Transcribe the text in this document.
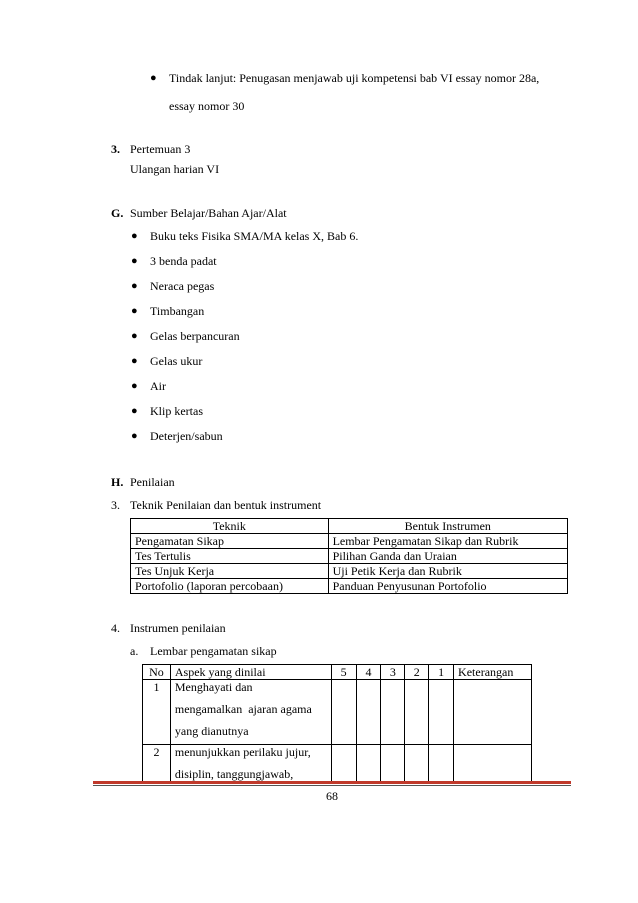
● Tindak lanjut: Penugasan menjawab uji kompetensi bab VI essay nomor 28a,
essay nomor 30
3. Pertemuan 3
Ulangan harian VI
G. Sumber Belajar/Bahan Ajar/Alat
● Buku teks Fisika SMA/MA kelas X, Bab 6.
● 3 benda padat
● Neraca pegas
● Timbangan
● Gelas berpancuran
● Gelas ukur
● Air
● Klip kertas
● Deterjen/sabun
H. Penilaian
3. Teknik Penilaian dan bentuk instrument
Teknik	Bentuk Instrumen
Pengamatan Sikap	Lembar Pengamatan Sikap dan Rubrik
Tes Tertulis	Pilihan Ganda dan Uraian
Tes Unjuk Kerja	Uji Petik Kerja dan Rubrik
Portofolio (laporan percobaan)	Panduan Penyusunan Portofolio
4. Instrumen penilaian
a. Lembar pengamatan sikap
No	Aspek yang dinilai	5	4	3	2	1	Keterangan
1	Menghayati dan
mengamalkan  ajaran agama
yang dianutnya						

2	menunjukkan perilaku jujur,
disiplin, tanggungjawab,						

68
